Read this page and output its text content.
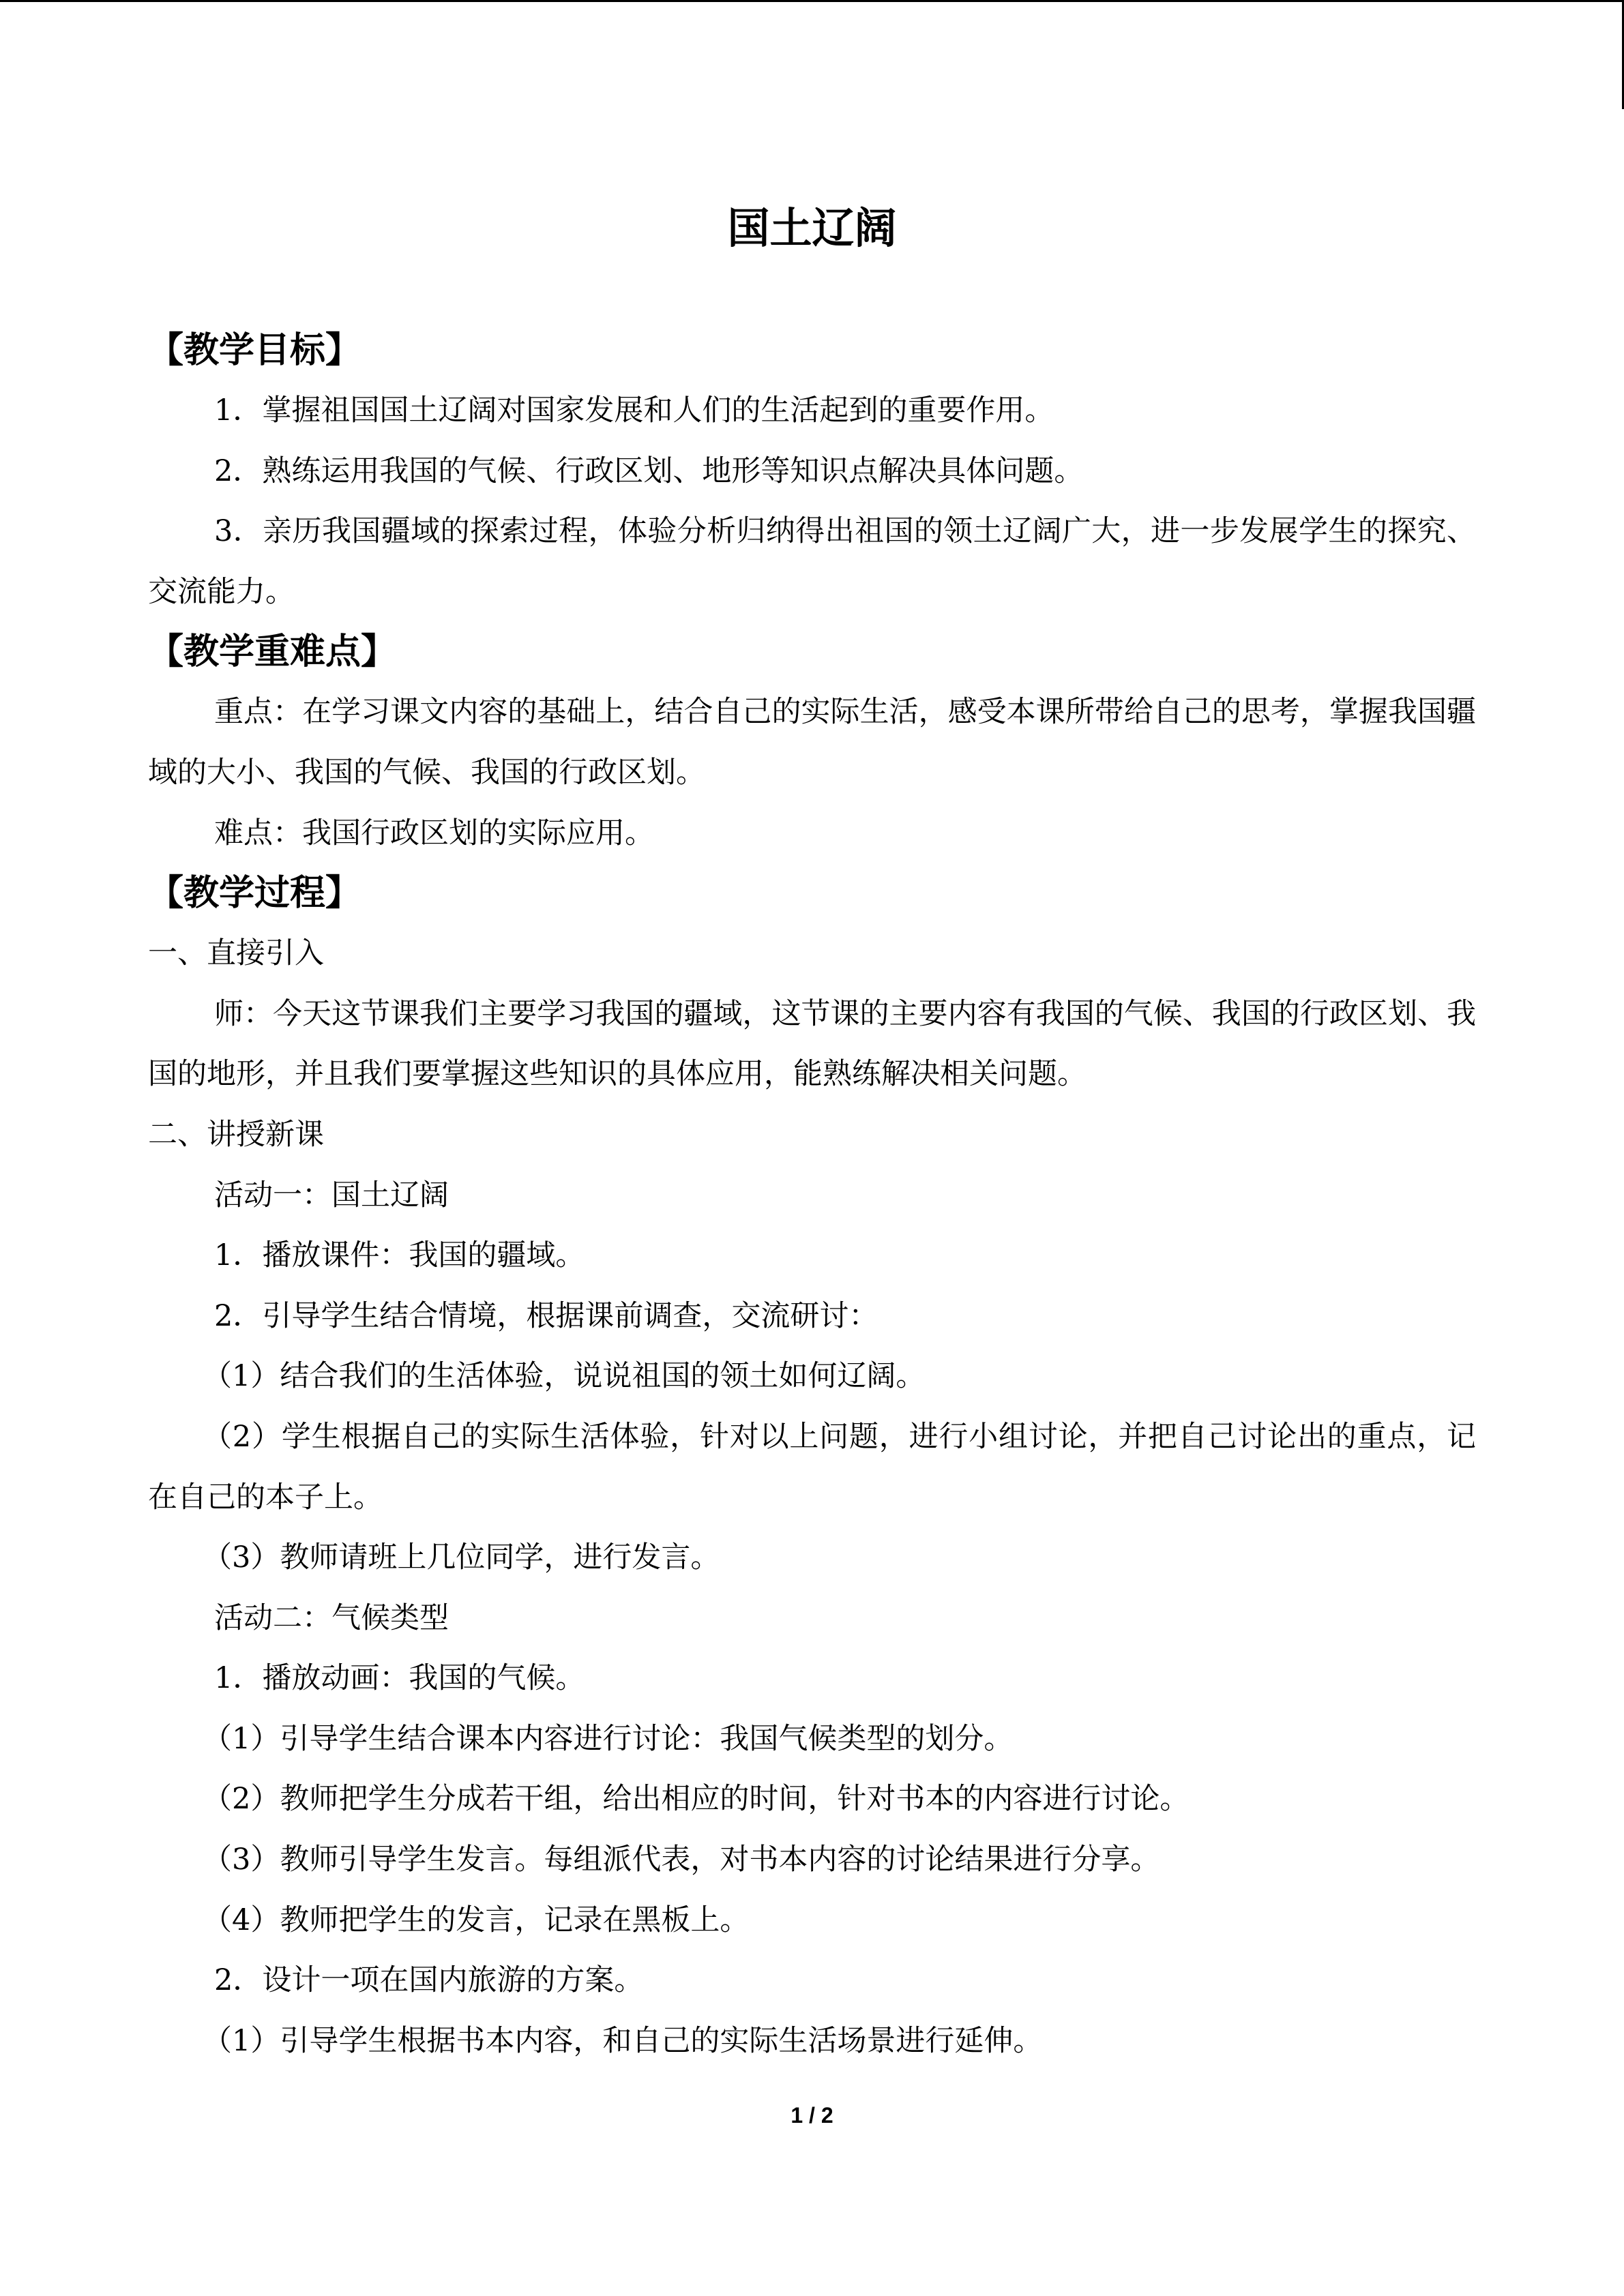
国土辽阔
【教学目标】

1．掌握祖国国土辽阔对国家发展和人们的生活起到的重要作用。

2．熟练运用我国的气候、行政区划、地形等知识点解决具体问题。

3．亲历我国疆域的探索过程，体验分析归纳得出祖国的领土辽阔广大，进一步发展学生的探究、交流能力。

【教学重难点】

重点：在学习课文内容的基础上，结合自己的实际生活，感受本课所带给自己的思考，掌握我国疆域的大小、我国的气候、我国的行政区划。

难点：我国行政区划的实际应用。

【教学过程】

一、直接引入

师：今天这节课我们主要学习我国的疆域，这节课的主要内容有我国的气候、我国的行政区划、我国的地形，并且我们要掌握这些知识的具体应用，能熟练解决相关问题。

二、讲授新课

活动一：国土辽阔

1．播放课件：我国的疆域。

2．引导学生结合情境，根据课前调查，交流研讨：

（1）结合我们的生活体验，说说祖国的领土如何辽阔。

（2）学生根据自己的实际生活体验，针对以上问题，进行小组讨论，并把自己讨论出的重点，记在自己的本子上。

（3）教师请班上几位同学，进行发言。

活动二：气候类型

1．播放动画：我国的气候。

（1）引导学生结合课本内容进行讨论：我国气候类型的划分。

（2）教师把学生分成若干组，给出相应的时间，针对书本的内容进行讨论。

（3）教师引导学生发言。每组派代表，对书本内容的讨论结果进行分享。

（4）教师把学生的发言，记录在黑板上。

2．设计一项在国内旅游的方案。

（1）引导学生根据书本内容，和自己的实际生活场景进行延伸。

1 / 2
